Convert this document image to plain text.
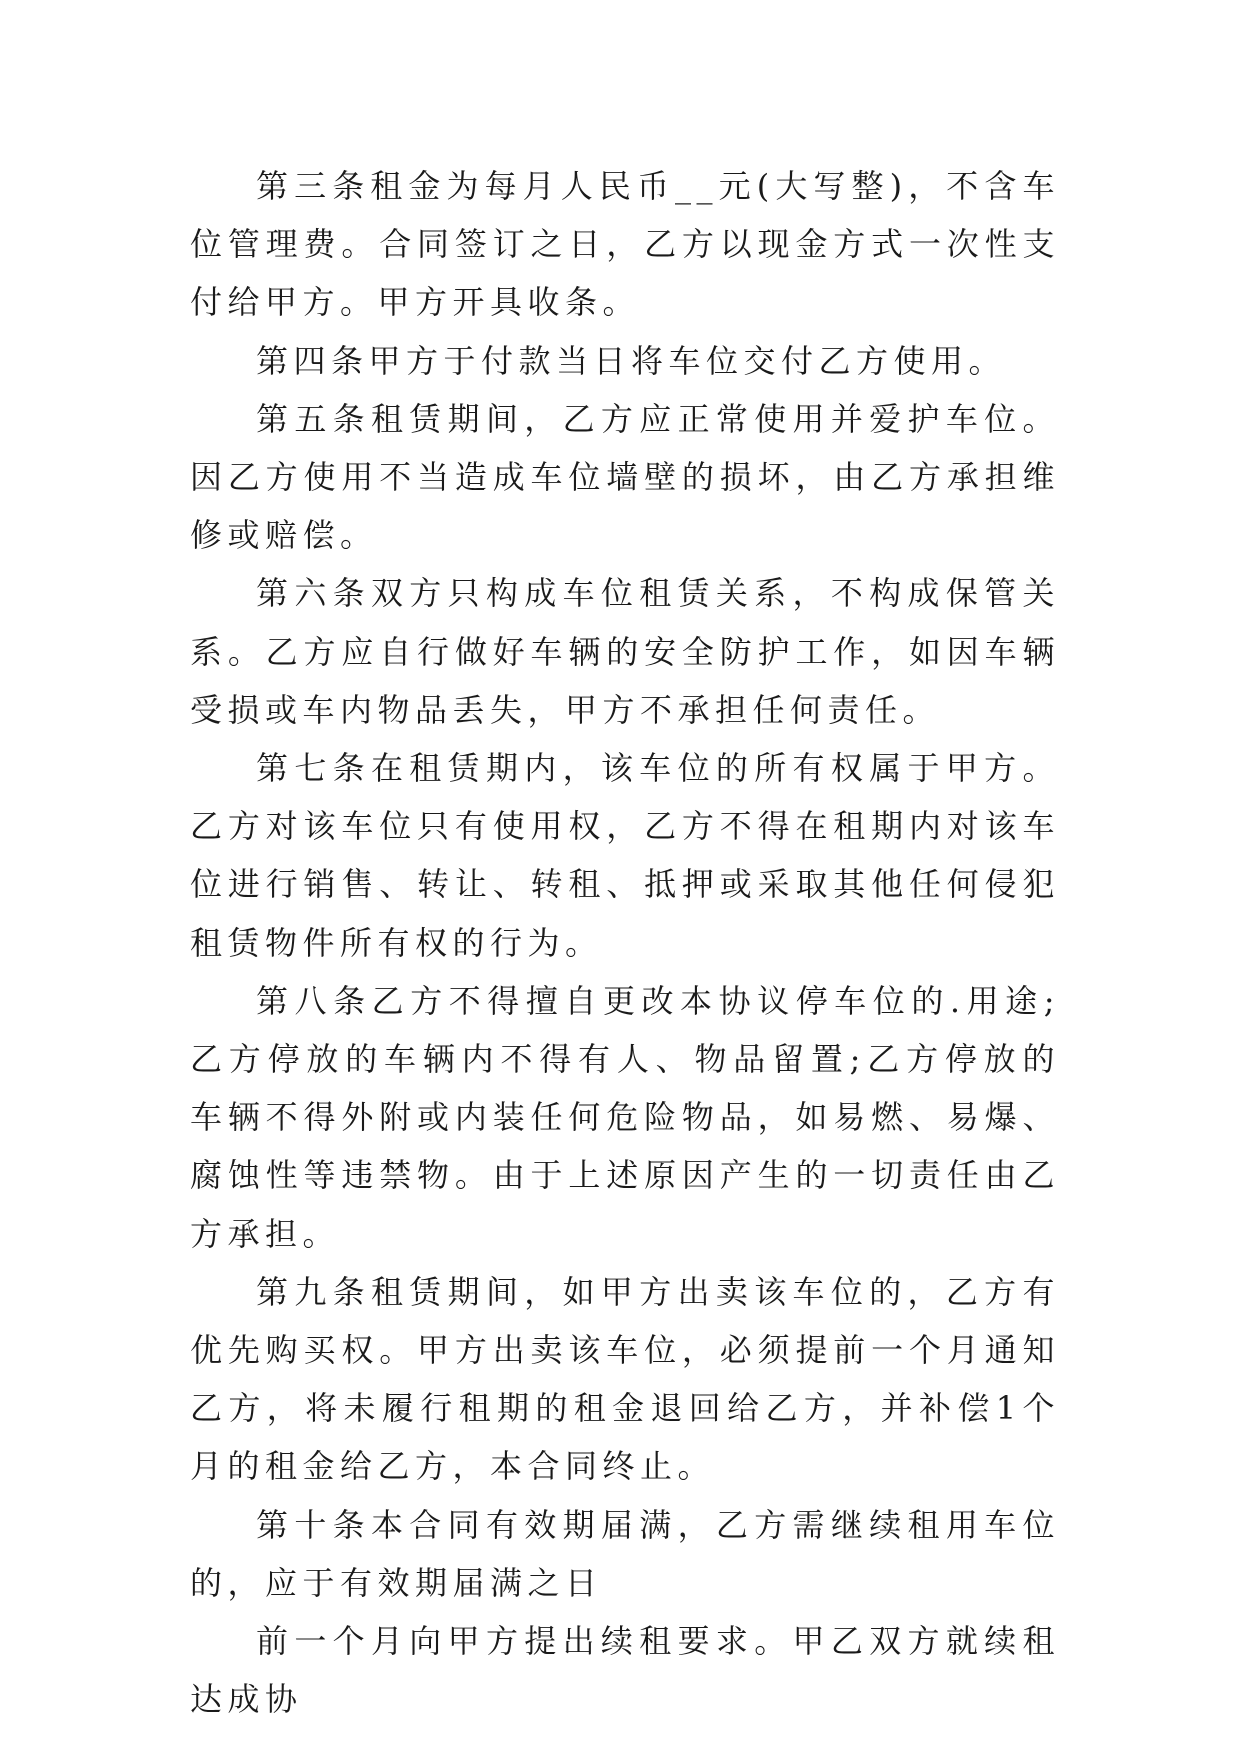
第三条租金为每月人民币__元(大写整)，不含车位管理费。合同签订之日，乙方以现金方式一次性支付给甲方。甲方开具收条。

第四条甲方于付款当日将车位交付乙方使用。

第五条租赁期间，乙方应正常使用并爱护车位。因乙方使用不当造成车位墙壁的损坏，由乙方承担维修或赔偿。

第六条双方只构成车位租赁关系，不构成保管关系。乙方应自行做好车辆的安全防护工作，如因车辆受损或车内物品丢失，甲方不承担任何责任。

第七条在租赁期内，该车位的所有权属于甲方。乙方对该车位只有使用权，乙方不得在租期内对该车位进行销售、转让、转租、抵押或采取其他任何侵犯租赁物件所有权的行为。

第八条乙方不得擅自更改本协议停车位的.用途;乙方停放的车辆内不得有人、物品留置;乙方停放的车辆不得外附或内装任何危险物品，如易燃、易爆、腐蚀性等违禁物。由于上述原因产生的一切责任由乙方承担。

第九条租赁期间，如甲方出卖该车位的，乙方有优先购买权。甲方出卖该车位，必须提前一个月通知乙方，将未履行租期的租金退回给乙方，并补偿1个月的租金给乙方，本合同终止。

第十条本合同有效期届满，乙方需继续租用车位的，应于有效期届满之日

前一个月向甲方提出续租要求。甲乙双方就续租达成协
